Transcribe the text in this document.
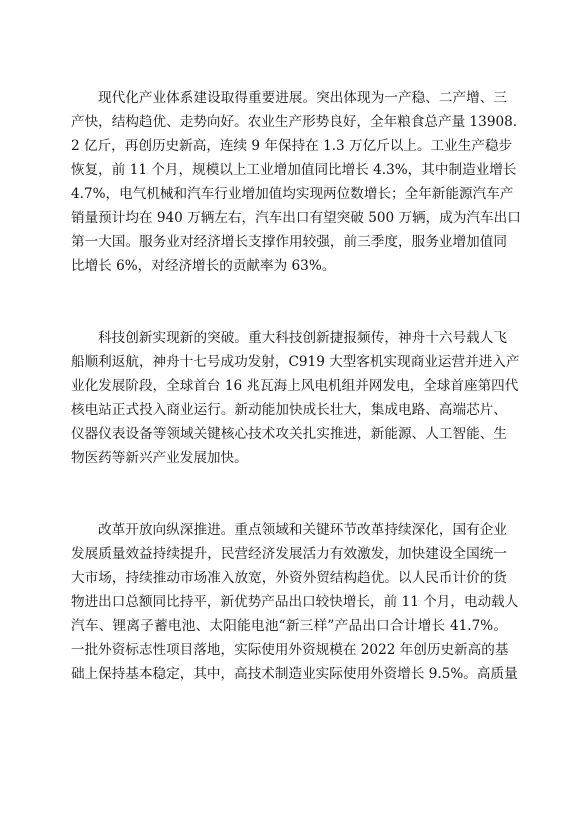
现代化产业体系建设取得重要进展。突出体现为一产稳、二产增、三
产快，结构趋优、走势向好。农业生产形势良好，全年粮食总产量 13908.
2 亿斤，再创历史新高，连续 9 年保持在 1.3 万亿斤以上。工业生产稳步
恢复，前 11 个月，规模以上工业增加值同比增长 4.3%，其中制造业增长
4.7%，电气机械和汽车行业增加值均实现两位数增长；全年新能源汽车产
销量预计均在 940 万辆左右，汽车出口有望突破 500 万辆，成为汽车出口
第一大国。服务业对经济增长支撑作用较强，前三季度，服务业增加值同
比增长 6%，对经济增长的贡献率为 63%。
科技创新实现新的突破。重大科技创新捷报频传，神舟十六号载人飞
船顺利返航，神舟十七号成功发射，C919 大型客机实现商业运营并进入产
业化发展阶段，全球首台 16 兆瓦海上风电机组并网发电，全球首座第四代
核电站正式投入商业运行。新动能加快成长壮大，集成电路、高端芯片、
仪器仪表设备等领域关键核心技术攻关扎实推进，新能源、人工智能、生
物医药等新兴产业发展加快。
改革开放向纵深推进。重点领域和关键环节改革持续深化，国有企业
发展质量效益持续提升，民营经济发展活力有效激发，加快建设全国统一
大市场，持续推动市场准入放宽，外资外贸结构趋优。以人民币计价的货
物进出口总额同比持平，新优势产品出口较快增长，前 11 个月，电动载人
汽车、锂离子蓄电池、太阳能电池“新三样”产品出口合计增长 41.7%。
一批外资标志性项目落地，实际使用外资规模在 2022 年创历史新高的基
础上保持基本稳定，其中，高技术制造业实际使用外资增长 9.5%。高质量
